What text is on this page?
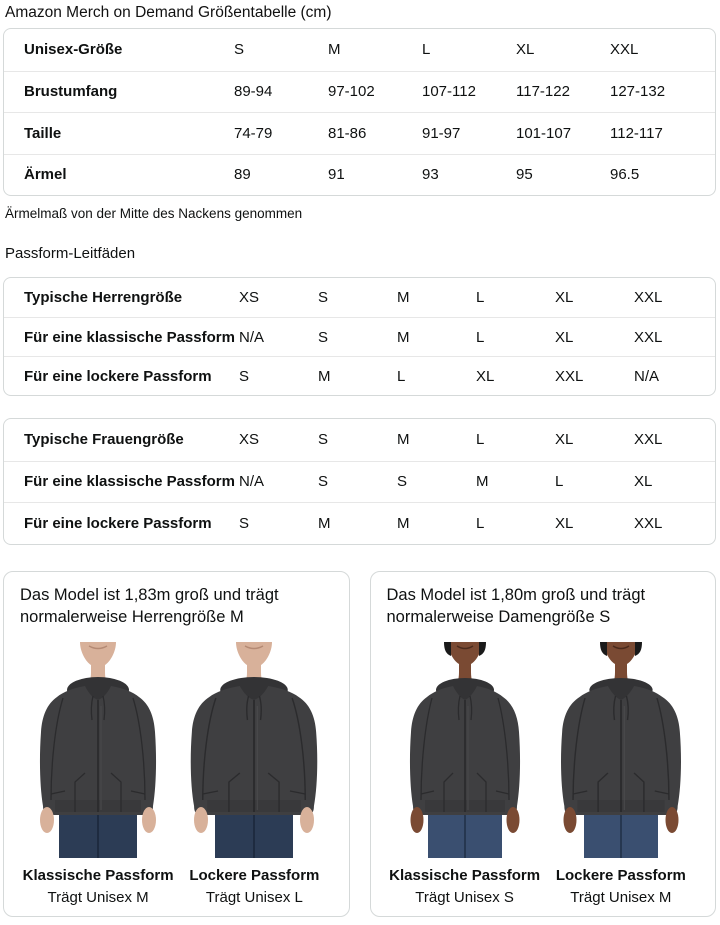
Amazon Merch on Demand Größentabelle (cm)
Unisex-Größe	S	M	L	XL	XXL
Brustumfang	89-94	97-102	107-112	117-122	127-132
Taille	74-79	81-86	91-97	101-107	112-117
Ärmel	89	91	93	95	96.5
Ärmelmaß von der Mitte des Nackens genommen
Passform-Leitfäden
Typische Herrengröße	XS	S	M	L	XL	XXL
Für eine klassische Passform N/A	S	M	L	XL	XXL
Für eine lockere Passform	S	M	L	XL	XXL	N/A
Typische Frauengröße	XS	S	M	L	XL	XXL
Für eine klassische Passform N/A	S	S	M	L	XL
Für eine lockere Passform	S	M	M	L	XL	XXL
Das Model ist 1,83m groß und trägt normalerweise Herrengröße M
Klassische Passform
Trägt Unisex M
Lockere Passform
Trägt Unisex L
Das Model ist 1,80m groß und trägt normalerweise Damengröße S
Klassische Passform
Trägt Unisex S
Lockere Passform
Trägt Unisex M
